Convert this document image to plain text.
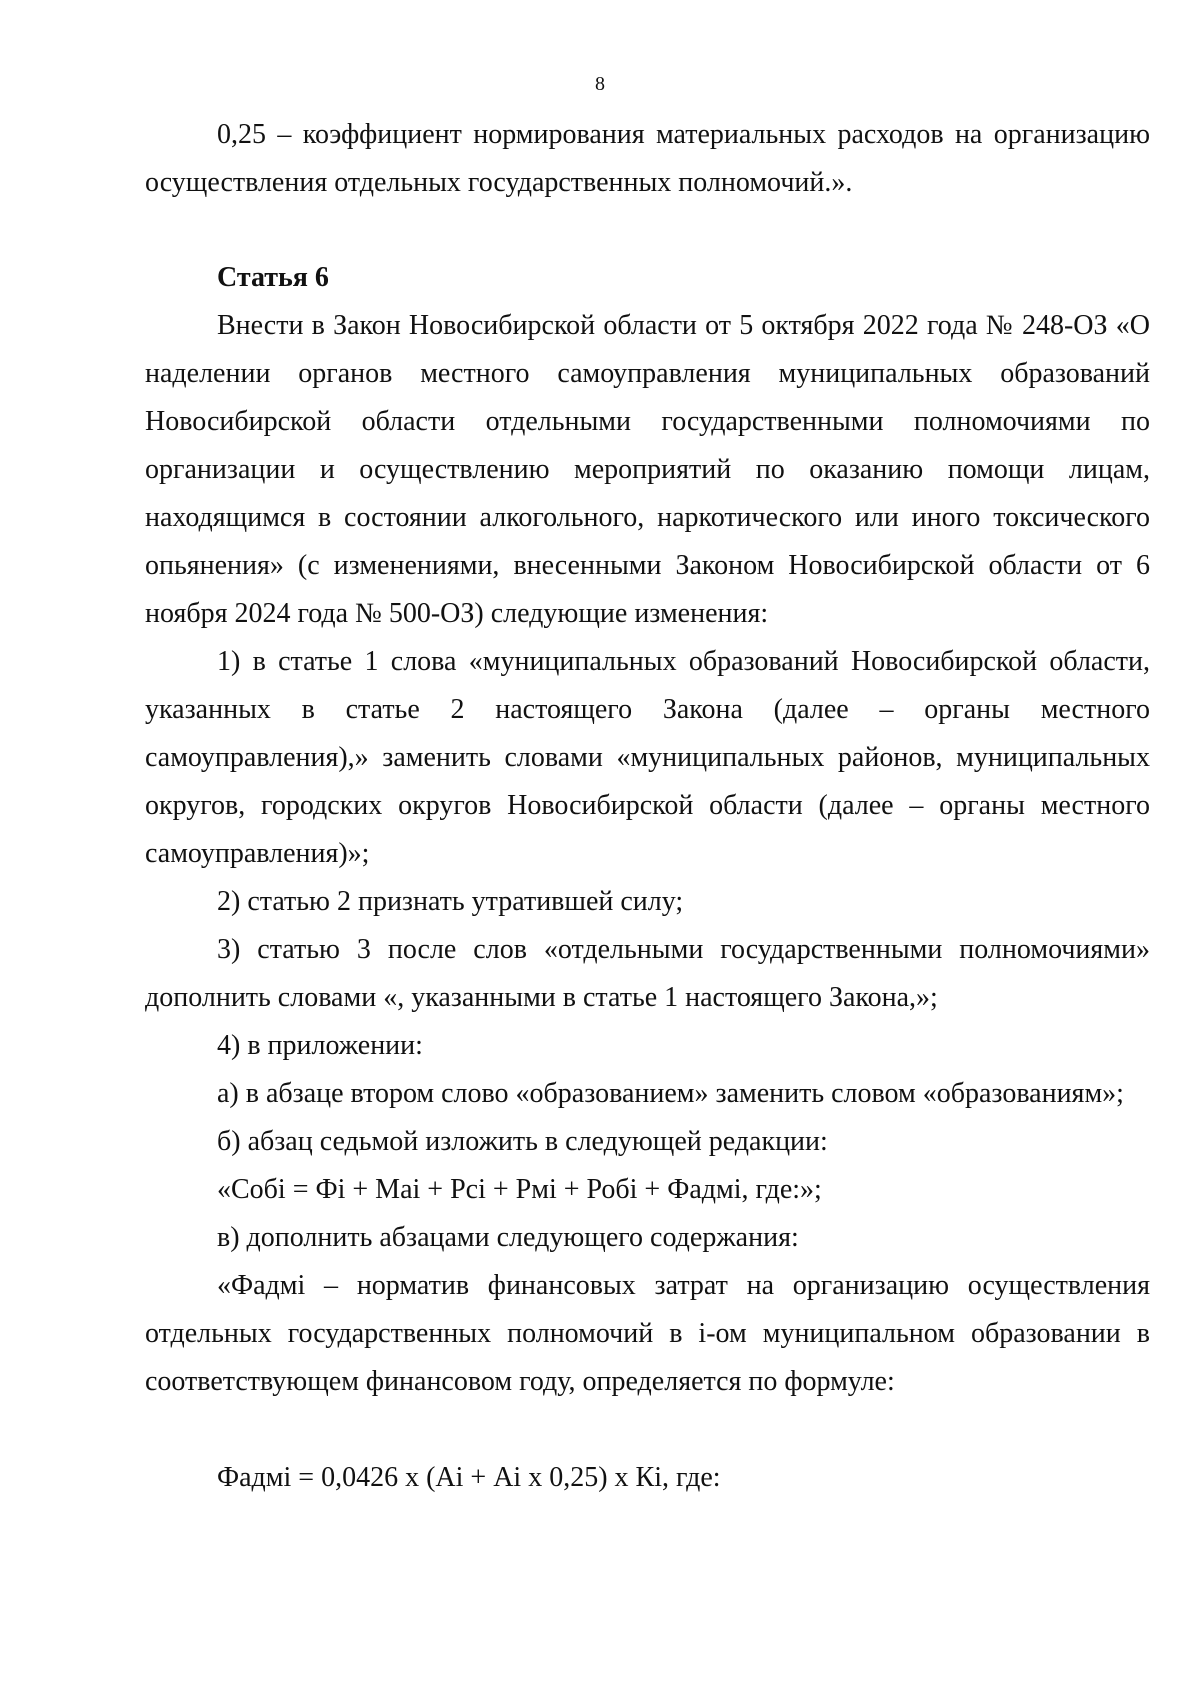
8

0,25 – коэффициент нормирования материальных расходов на организацию осуществления отдельных государственных полномочий.».

Статья 6

Внести в Закон Новосибирской области от 5 октября 2022 года № 248-ОЗ «О наделении органов местного самоуправления муниципальных образований Новосибирской области отдельными государственными полномочиями по организации и осуществлению мероприятий по оказанию помощи лицам, находящимся в состоянии алкогольного, наркотического или иного токсического опьянения» (с изменениями, внесенными Законом Новосибирской области от 6 ноября 2024 года № 500-ОЗ) следующие изменения:

1) в статье 1 слова «муниципальных образований Новосибирской области, указанных в статье 2 настоящего Закона (далее – органы местного самоуправления),» заменить словами «муниципальных районов, муниципальных округов, городских округов Новосибирской области (далее – органы местного самоуправления)»;

2) статью 2 признать утратившей силу;

3) статью 3 после слов «отдельными государственными полномочиями» дополнить словами «, указанными в статье 1 настоящего Закона,»;

4) в приложении:

а) в абзаце втором слово «образованием» заменить словом «образованиям»;

б) абзац седьмой изложить в следующей редакции:

«Собi = Фi + Маi + Рсi + Рмi + Робi + Фадмi, где:»;

в) дополнить абзацами следующего содержания:

«Фадмi – норматив финансовых затрат на организацию осуществления отдельных государственных полномочий в i-ом муниципальном образовании в соответствующем финансовом году, определяется по формуле:

Фадмi = 0,0426 х (Аi + Аi х 0,25) х Кi, где:
